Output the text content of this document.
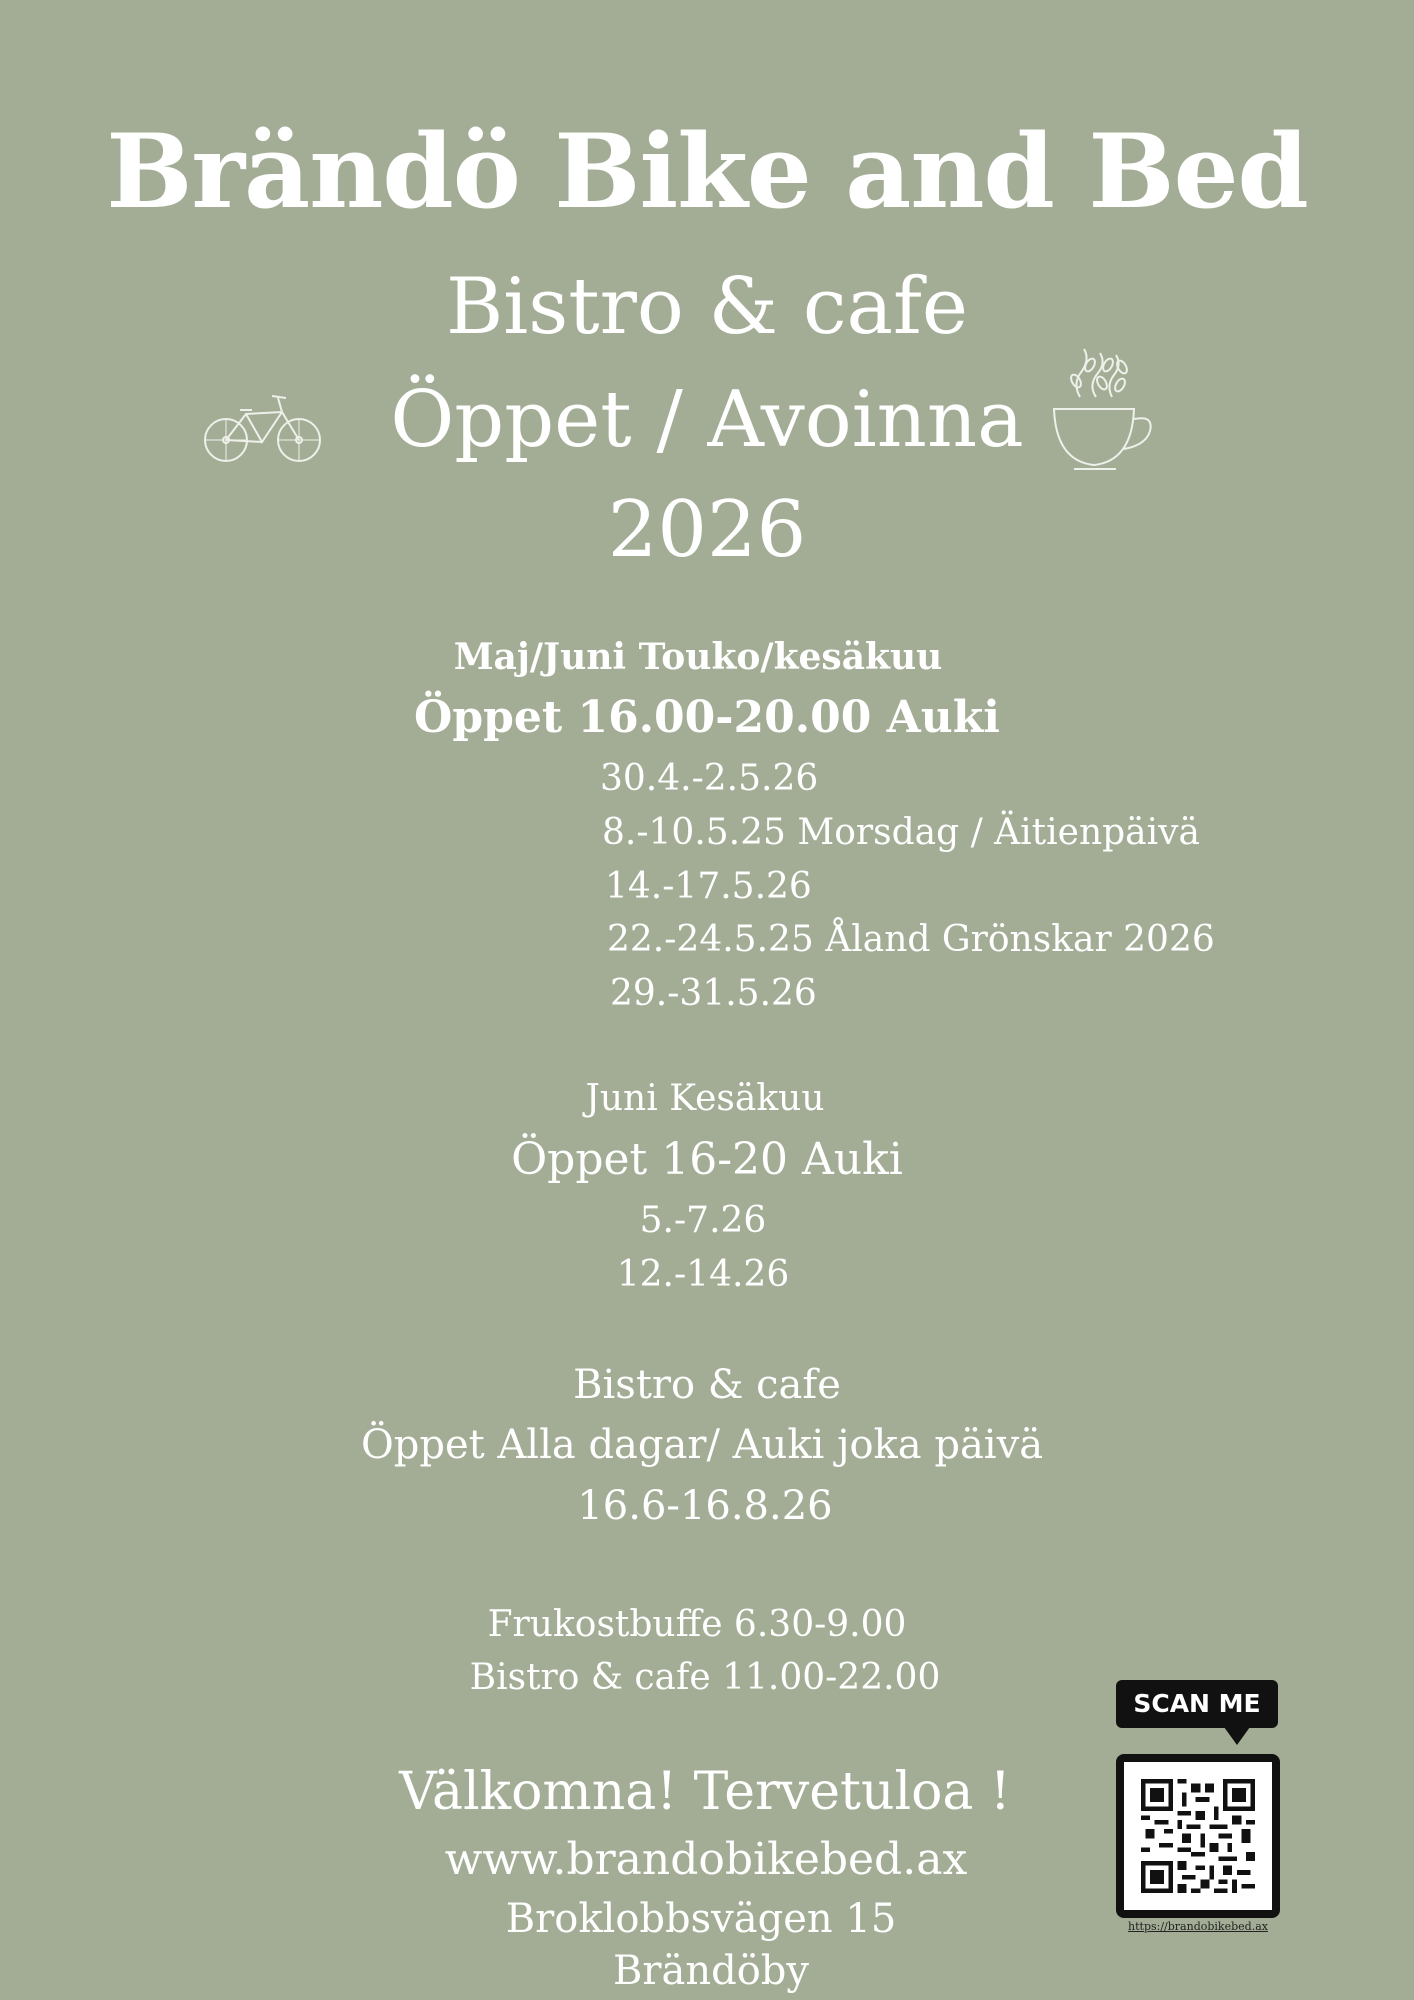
Brändö Bike and Bed
Bistro & cafe
Öppet / Avoinna
2026
Maj/Juni Touko/kesäkuu
Öppet 16.00-20.00 Auki
30.4.-2.5.26
8.-10.5.25 Morsdag / Äitienpäivä
14.-17.5.26
22.-24.5.25 Åland Grönskar 2026
29.-31.5.26
Juni Kesäkuu
Öppet 16-20 Auki
5.-7.26
12.-14.26
Bistro & cafe
Öppet Alla dagar/ Auki joka päivä
16.6-16.8.26
Frukostbuffe 6.30-9.00
Bistro & cafe 11.00-22.00
Välkomna! Tervetuloa !
www.brandobikebed.ax
Broklobbsvägen 15
Brändöby
SCAN ME
https://brandobikebed.ax
